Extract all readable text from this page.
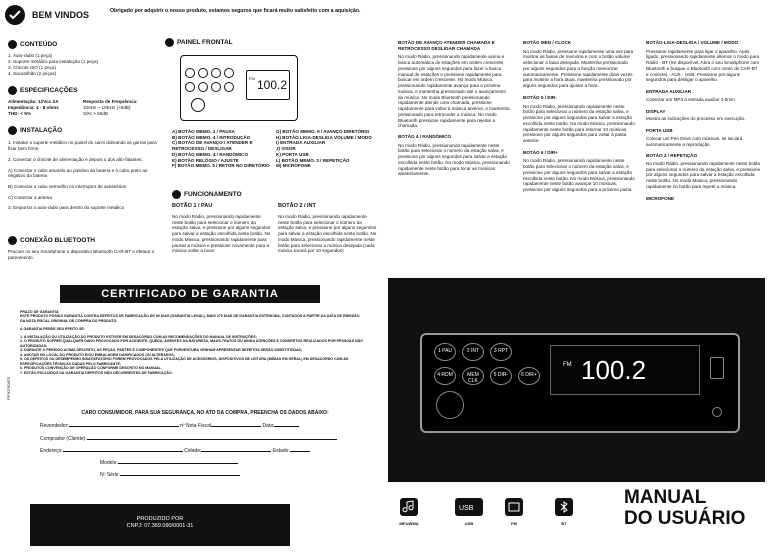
BEM VINDOS	Obrigado por adquirir o nosso produto, estamos seguros que ficará muito satisfeito com a aquisição.
CONTEÚDO
1. Auto-rádio (1 peça)
2. Suporte metálico para instalação (1 peça)
3. Chicote ISO (1 peça)
4. Sacanilhão (2 peças)
ESPECIFICAÇÕES
Alimentação: 12Vcc 2A
Impedância: 4 - 8 ohms
THD: < 5%
Resposta de Frequência:
100Hz ~ 10KHz (+6dB)
S/N: > 55dB
INSTALAÇÃO
1. Instalar o suporte metálico no painel do carro dobrando as garras para fixar bem firme
2. Conectar o chicote de alimentação e depois o dos alto-falantes:
A) Conectar o cabo amarelo ao positivo da bateria e o cabo preto ao negativo da bateria
B) Conectar o cabo vermelho no interruptor de acessórios
C) Conectar a antena
3. Empurrar o auto-rádio para dentro do suporte metálico
CONEXÃO BLUETOOTH
Procure no seu Smartphone o dispositivo Bluetooth CAR-BT e efetuar o pareamento.
PAINEL FRONTAL
FM 100.2
A) BOTÃO MEMO. 1 / PAUSA
B) BOTÃO MEMO. 4 / INTRODUÇÃO
C) BOTÃO DE AVANÇO / ATENDER E RETROCESSO / DESLIGAR
D) BOTÃO MEMO. 4 / RANDÔMICO
E) BOTÃO RELÓGIO / AJUSTE
F) BOTÃO MEMO. 5 / RETOR NO DIRETÓRIO
G) BOTÃO MEMO. 6 / AVANÇO DIRETÓRIO
H) BOTÃO LIGA-DESLIGA VOLUME / MODO
I) ENTRADA AUXILIAR
J) VISOR
K) PORTA USB
L) BOTÃO MEMO. 3 / REPETIÇÃO
M) MICROFONE
FUNCIONAMENTO
BOTÃO 1 / PAU
No modo Rádio, pressionando rapidamente neste botão para selecionar o número da estação salva, e pressione por alguns segundos para salvar a estação escolhida neste botão. No modo Música, pressionando rapidamente para pausar a música e pressione novamente para a música voltar a tocar
BOTÃO 2 / INT
No modo Rádio, pressionando rapidamente neste botão para selecionar o número da estação salva, e pressione por alguns segundos para salvar a estação escolhida neste botão. No modo Música, pressionando rapidamente neste botão para selecionar a música desejada (cada música tocará por 10 segundos)
BOTÃO DE AVANÇO ATENDER CHAMADA E RETROCESSO DESLIGAR CHAMADA
No modo Rádio, pressionando rapidamente acima e busca automática de estações em ordem crescente, pressione por alguns segundos para fazer a busca manual de estações e pressione rapidamente para buscar em ordem crescente. No modo Música, pressionando rapidamente avança para a próxima música, e mantenha pressionado até o avançamento da música. No modo Bluetooth pressionando rapidamente atende uma chamada, pressione rapidamente para voltar à música anterior, e mantenha pressionado para retroceder a música. No modo Bluetooth pressione rapidamente para rejeitar a chamada.
BOTÃO 4 / RANDÔMICO
No modo Rádio, pressionando rapidamente neste botão para selecionar o número da estação salva, e pressione por alguns segundos para salvar a estação escolhida neste botão. No modo Música, pressionando rapidamente neste botão para tocar as músicas aleatoriamente.
BOTÃO MEN / CLOCK
No modo Rádio, pressione rapidamente uma vez para mostrar as faixas de memória e com o botão volume selecionar a faixa desejada. Mantenha pressionado por alguns segundos para a função memorizar automaticamente. Pressione rapidamente duas vezes para mostrar a hora atual, mantenha pressionado por alguns segundos para ajustar a hora.
BOTÃO 5 / DIR-
No modo Rádio, pressionando rapidamente neste botão para selecionar o número da estação salva, e pressione por alguns segundos para salvar a estação escolhida neste botão. No modo Música, pressionando rapidamente neste botão para retornar 10 músicas, pressione por alguns segundos para voltar à pasta anterior.
BOTÃO 6 / DIR+
No modo Rádio, pressionando rapidamente neste botão para selecionar o número da estação salva, e pressione por alguns segundos para salvar a estação escolhida neste botão. No modo Música, pressionando rapidamente neste botão avançar 10 músicas, pressione por alguns segundos para a próxima pasta.
BOTÃO LIGA-DESLIGA / VOLUME / MODO
Pressione rapidamente para ligar o aparelho. Após ligado, pressionando rapidamente alternar o modo para Rádio - BT (Se disponível. Abra o seu Smartphone com Bluetooth e busque o Bluetooth com nome de CAR-BT e conecte) - AUX - USB. Pressione por alguns segundos para desligar o aparelho.
ENTRADA AUXILIAR
Conectar um MP3 à entrada auxiliar 3,5mm
DISPLAY
Mostra as indicações do processo em execução.
PORTA USB
Colocar um Pen Drive com músicas, se iniciará automaticamente a reprodução
BOTÃO 3 / REPETIÇÃO
No modo Rádio, pressionando rapidamente neste botão para selecionar o número da estação salva, e pressione por alguns segundos para salvar a estação escolhida neste botão. No modo Música, pressionando rapidamente no botão para repetir a música.
MICROFONE
CERTIFICADO DE GARANTIA
PRAZO DE GARANTIA
ESTE PRODUTO POSSUI GARANTIA CONTRA DEFEITOS DE FABRICAÇÃO DE 90 DIAS (GARANTIA LEGAL), MAIS 275 DIAS DE GARANTIA ESTENDIDA, CONTADOS A PARTIR DA DATA DE EMISSÃO DA NOTA FISCAL ORIGINAL DE COMPRA DO PRODUTO.
A GARANTIA PERDE SEU EFEITO SE:
1. A INSTALAÇÃO OU UTILIZAÇÃO DO PRODUTO ESTIVER EM DESACORDO COM AS RECOMENDAÇÕES DO MANUAL DE INSTRUÇÕES;
2. O PRODUTO SOFRER QUALQUER DANO PROVOCADO POR ACIDENTE, QUEDA, AGENTES DA NATUREZA, MAUS-TRATOS OU AINDA ATENÇÕES E CONSERTOS REALIZADOS POR PESSOAS NÃO AUTORIZADAS;
3. DURANTE O PERÍODO ACIMA DESCRITO, AS PEÇAS, PARTES E COMPONENTES QUE PORVENTURA VENHAM APRESENTAR DEFEITOS SERÃO SUBSTITUÍDAS;
4. ANOTAR NO LOCAL DO PRODUTO E/OU EMBALAGEM DANIFICADOS OU ALTERADOS;
5. OS DEFEITOS OU DESEMPENHO INSATISFATÓRIO FOREM PROVOCADOS PELA UTILIZAÇÃO DE ACESSÓRIOS, DISPOSITIVOS DE LEITURA (MÍDIAS EM GERAL) EM DESACORDO COM AS ESPECIFICAÇÕES TÉCNICAS DADAS PELO FABRICANTE;
6. PRODUTOS CONVENÇÃO DE OPERAÇÃO CONFORME DESCRITO NO MANUAL.
7. ESTÃO EXCLUÍDOS DA GARANTIA DEFEITOS NÃO DECORRENTES DE FABRICAÇÃO.
PP30760875
CARO CONSUMIDOR, PARA SUA SEGURANÇA, NO ATO DA COMPRA, PREENCHA OS DADOS ABAIXO:
Revendedor:	nº Nota Fiscal	Data:
Comprador (Cliente):
Endereço:	Cidade:	Estado:
Modelo:
Nº Série:
PRODUZIDO POR
CNPJ: 07.369.090/0001-31
1 PAU	2 INT	3 RPT
4 RDM	MEM CLK
5 DIR-	6 DIR+
FM 100.2
USB
MP3/WMA	USB	FM	BT
MANUAL
DO USUÁRIO
